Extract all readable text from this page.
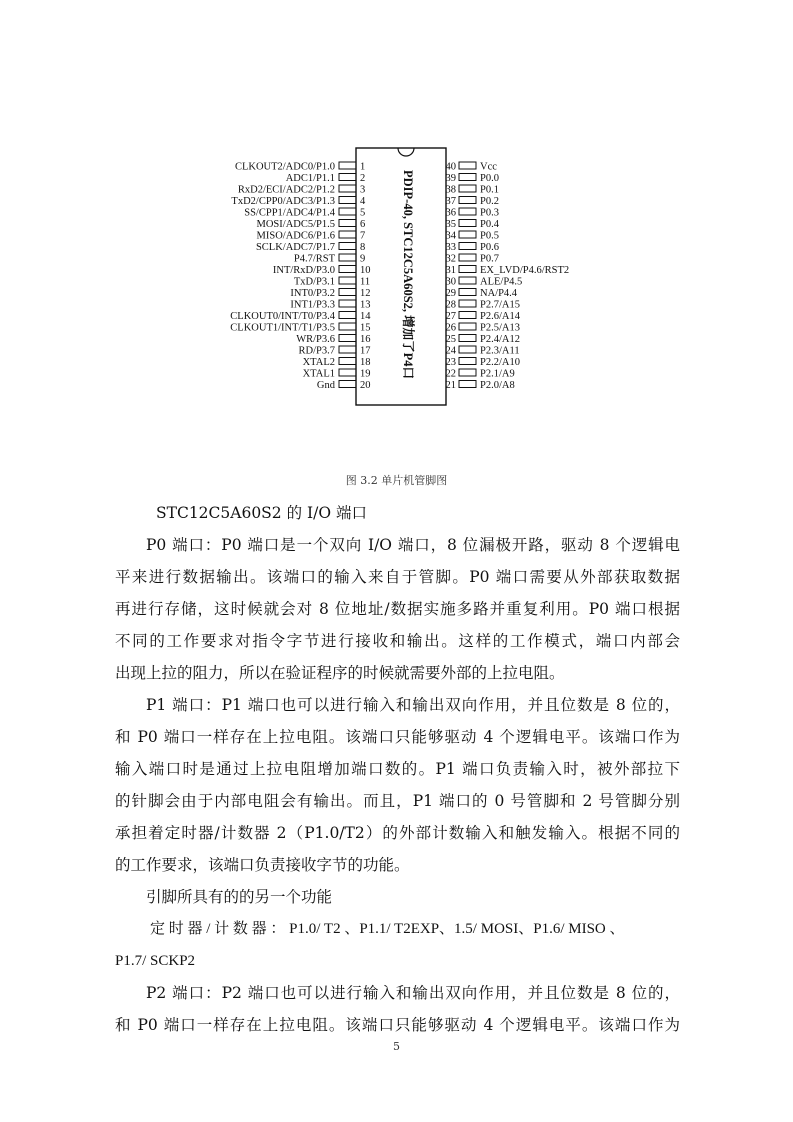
CLKOUT2/ADC0/P1.0 1
ADC1/P1.1 2
RxD2/ECI/ADC2/P1.2 3
TxD2/CPP0/ADC3/P1.3 4
SS/CPP1/ADC4/P1.4 5
MOSI/ADC5/P1.5 6
MISO/ADC6/P1.6 7
SCLK/ADC7/P1.7 8
P4.7/RST 9
INT/RxD/P3.0 10
TxD/P3.1 11
INT0/P3.2 12
INT1/P3.3 13
CLKOUT0/INT/T0/P3.4 14
CLKOUT1/INT/T1/P3.5 15
WR/P3.6 16
RD/P3.7 17
XTAL2 18
XTAL1 19
Gnd 20
40 Vcc
39 P0.0
38 P0.1
37 P0.2
36 P0.3
35 P0.4
34 P0.5
33 P0.6
32 P0.7
31 EX_LVD/P4.6/RST2
30 ALE/P4.5
29 NA/P4.4
28 P2.7/A15
27 P2.6/A14
26 P2.5/A13
25 P2.4/A12
24 P2.3/A11
23 P2.2/A10
22 P2.1/A9
21 P2.0/A8
PDIP-40, STC12C5A60S2, 增加了P4口
图 3.2 单片机管脚图
STC12C5A60S2 的 I/O 端口
P0 端口：P0 端口是一个双向 I/O 端口，8 位漏极开路，驱动 8 个逻辑电
平来进行数据输出。该端口的输入来自于管脚。P0 端口需要从外部获取数据
再进行存储，这时候就会对 8 位地址/数据实施多路并重复利用。P0 端口根据
不同的工作要求对指令字节进行接收和输出。这样的工作模式，端口内部会
出现上拉的阻力，所以在验证程序的时候就需要外部的上拉电阻。
P1 端口：P1 端口也可以进行输入和输出双向作用，并且位数是 8 位的，
和 P0 端口一样存在上拉电阻。该端口只能够驱动 4 个逻辑电平。该端口作为
输入端口时是通过上拉电阻增加端口数的。P1 端口负责输入时，被外部拉下
的针脚会由于内部电阻会有输出。而且，P1 端口的 0 号管脚和 2 号管脚分别
承担着定时器/计数器 2（P1.0/T2）的外部计数输入和触发输入。根据不同的
的工作要求，该端口负责接收字节的功能。
引脚所具有的的另一个功能
定 时 器 / 计 数 器 ： P1.0/ T2 、P1.1/ T2EXP、1.5/ MOSI、P1.6/ MISO 、
P1.7/ SCKP2
P2 端口：P2 端口也可以进行输入和输出双向作用，并且位数是 8 位的，
和 P0 端口一样存在上拉电阻。该端口只能够驱动 4 个逻辑电平。该端口作为
5
